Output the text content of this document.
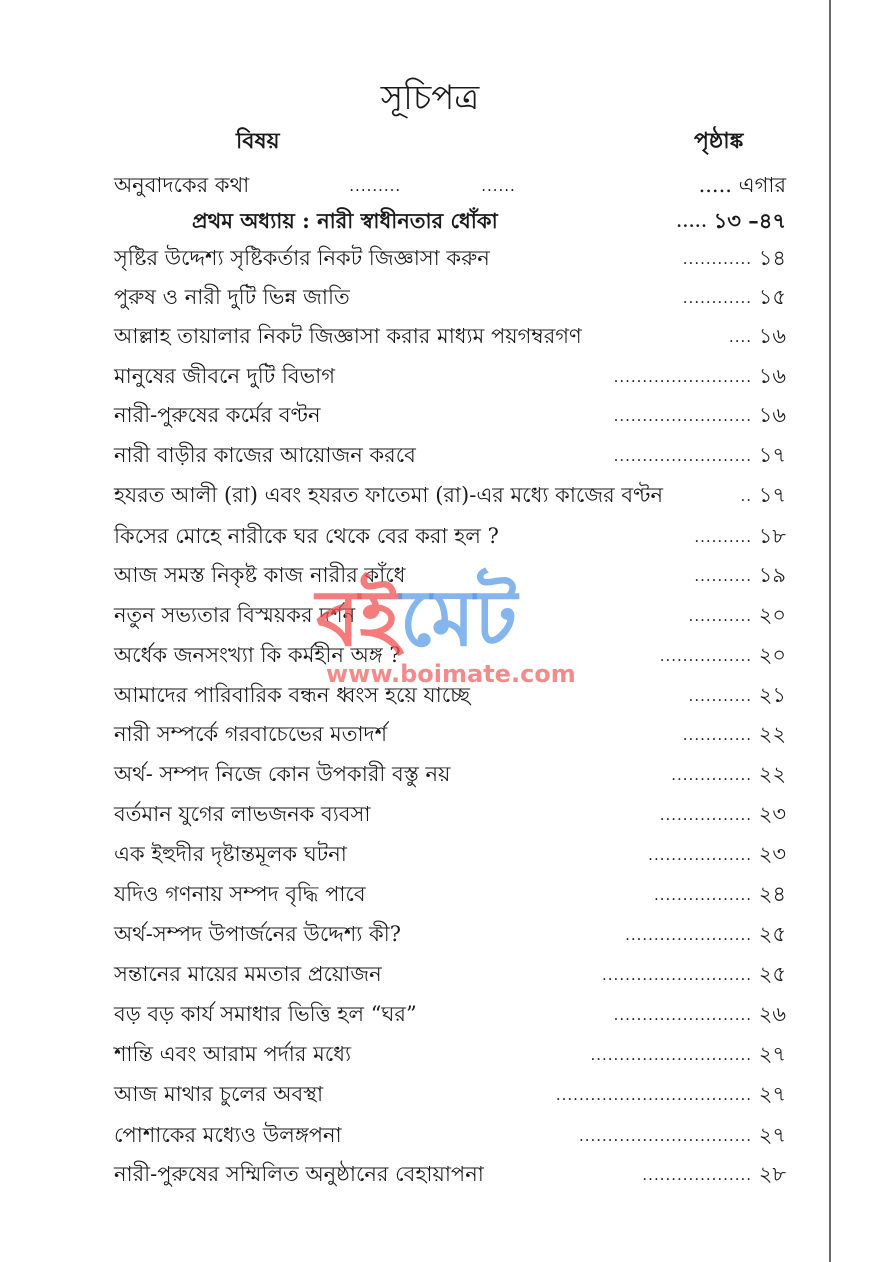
সূচিপত্র
বিষয়	পৃষ্ঠাঙ্ক
অনুবাদকের কথা	.........	......	..... এগার
প্রথম অধ্যায় : নারী স্বাধীনতার ধোঁকা	..... ১৩ –৪৭
সৃষ্টির উদ্দেশ্য সৃষ্টিকর্তার নিকট জিজ্ঞাসা করুন	............ ১৪
পুরুষ ও নারী দুটি ভিন্ন জাতি	............ ১৫
আল্লাহ তায়ালার নিকট জিজ্ঞাসা করার মাধ্যম পয়গম্বরগণ	.... ১৬
মানুষের জীবনে দুটি বিভাগ	........................ ১৬
নারী-পুরুষের কর্মের বণ্টন	........................ ১৬
নারী বাড়ীর কাজের আয়োজন করবে	........................ ১৭
হযরত আলী (রা) এবং হযরত ফাতেমা (রা)-এর মধ্যে কাজের বণ্টন	.. ১৭
কিসের মোহে নারীকে ঘর থেকে বের করা হল ?	.......... ১৮
আজ সমস্ত নিকৃষ্ট কাজ নারীর কাঁধে	.......... ১৯
নতুন সভ্যতার বিস্ময়কর দর্শন	........... ২০
অর্ধেক জনসংখ্যা কি কর্মহীন অঙ্গ ?	................ ২০
আমাদের পারিবারিক বন্ধন ধ্বংস হয়ে যাচ্ছে	........... ২১
নারী সম্পর্কে গরবাচেভের মতাদর্শ	............ ২২
অর্থ- সম্পদ নিজে কোন উপকারী বস্তু নয়	.............. ২২
বর্তমান যুগের লাভজনক ব্যবসা	................ ২৩
এক ইহুদীর দৃষ্টান্তমূলক ঘটনা	.................. ২৩
যদিও গণনায় সম্পদ বৃদ্ধি পাবে	................. ২৪
অর্থ-সম্পদ উপার্জনের উদ্দেশ্য কী?	...................... ২৫
সন্তানের মায়ের মমতার প্রয়োজন	.......................... ২৫
বড় বড় কার্য সমাধার ভিত্তি হল “ঘর”	........................ ২৬
শান্তি এবং আরাম পর্দার মধ্যে	............................ ২৭
আজ মাথার চুলের অবস্থা	.................................. ২৭
পোশাকের মধ্যেও উলঙ্গপনা	.............................. ২৭
নারী-পুরুষের সম্মিলিত অনুষ্ঠানের বেহায়াপনা	................... ২৮
বইমেট
www.boimate.com
